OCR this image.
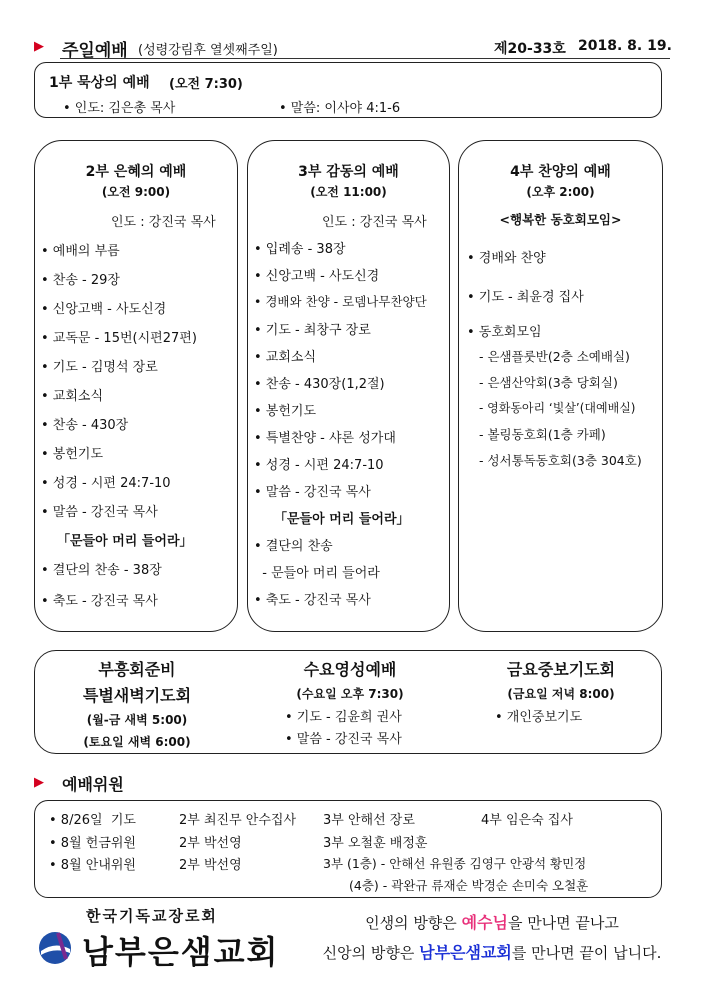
▶ 주일예배 (성령강림후 열셋째주일)	제20-33호 2018. 8. 19.
1부 묵상의 예배 (오전 7:30)
• 인도: 김은총 목사	• 말씀: 이사야 4:1-6
2부 은혜의 예배
(오전 9:00)
인도 : 강진국 목사
• 예배의 부름
• 찬송 - 29장
• 신앙고백 - 사도신경
• 교독문 - 15번(시편27편)
• 기도 - 김명석 장로
• 교회소식
• 찬송 - 430장
• 봉헌기도
• 성경 - 시편 24:7-10
• 말씀 - 강진국 목사
「문들아 머리 들어라」
• 결단의 찬송 - 38장
• 축도 - 강진국 목사
3부 감동의 예배
(오전 11:00)
인도 : 강진국 목사
• 입례송 - 38장
• 신앙고백 - 사도신경
• 경배와 찬양 - 로뎀나무찬양단
• 기도 - 최창구 장로
• 교회소식
• 찬송 - 430장(1,2절)
• 봉헌기도
• 특별찬양 - 샤론 성가대
• 성경 - 시편 24:7-10
• 말씀 - 강진국 목사
「문들아 머리 들어라」
• 결단의 찬송
- 문들아 머리 들어라
• 축도 - 강진국 목사
4부 찬양의 예배
(오후 2:00)
<행복한 동호회모임>
• 경배와 찬양
• 기도 - 최윤경 집사
• 동호회모임
- 은샘플룻반(2층 소예배실)
- 은샘산악회(3층 당회실)
- 영화동아리 ‘빛살’(대예배실)
- 볼링동호회(1층 카페)
- 성서통독동호회(3층 304호)
부흥회준비
특별새벽기도회
(월-금 새벽 5:00)
(토요일 새벽 6:00)
수요영성예배
(수요일 오후 7:30)
• 기도 - 김윤희 권사
• 말씀 - 강진국 목사
금요중보기도회
(금요일 저녁 8:00)
• 개인중보기도
▶ 예배위원
• 8/26일  기도	2부 최진무 안수집사 3부 안해선 장로	4부 임은숙 집사
• 8월 헌금위원	2부 박선영	3부 오철훈 배정훈
• 8월 안내위원	2부 박선영	3부 (1층) - 안해선 유원종 김영구 안광석 황민정
(4층) - 곽완규 류재순 박경순 손미숙 오철훈
한국기독교장로회
남부은샘교회
인생의 방향은 예수님을 만나면 끝나고
신앙의 방향은 남부은샘교회를 만나면 끝이 납니다.
